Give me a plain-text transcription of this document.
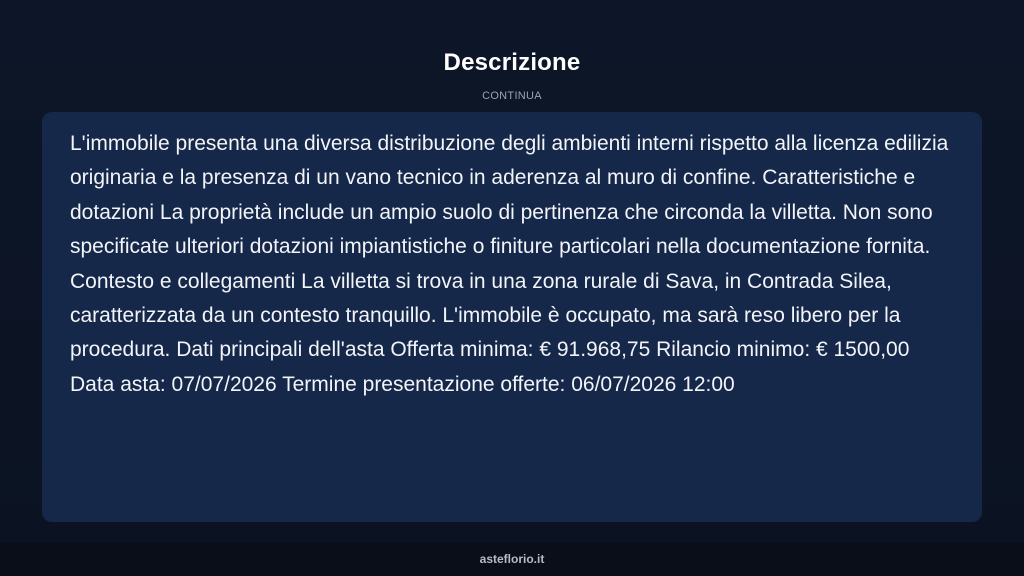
Descrizione
CONTINUA

L'immobile presenta una diversa distribuzione degli ambienti interni rispetto alla licenza edilizia originaria e la presenza di un vano tecnico in aderenza al muro di confine. Caratteristiche e dotazioni La proprietà include un ampio suolo di pertinenza che circonda la villetta. Non sono specificate ulteriori dotazioni impiantistiche o finiture particolari nella documentazione fornita. Contesto e collegamenti La villetta si trova in una zona rurale di Sava, in Contrada Silea, caratterizzata da un contesto tranquillo. L'immobile è occupato, ma sarà reso libero per la procedura. Dati principali dell'asta Offerta minima: € 91.968,75 Rilancio minimo: € 1500,00 Data asta: 07/07/2026 Termine presentazione offerte: 06/07/2026 12:00

asteflorio.it
